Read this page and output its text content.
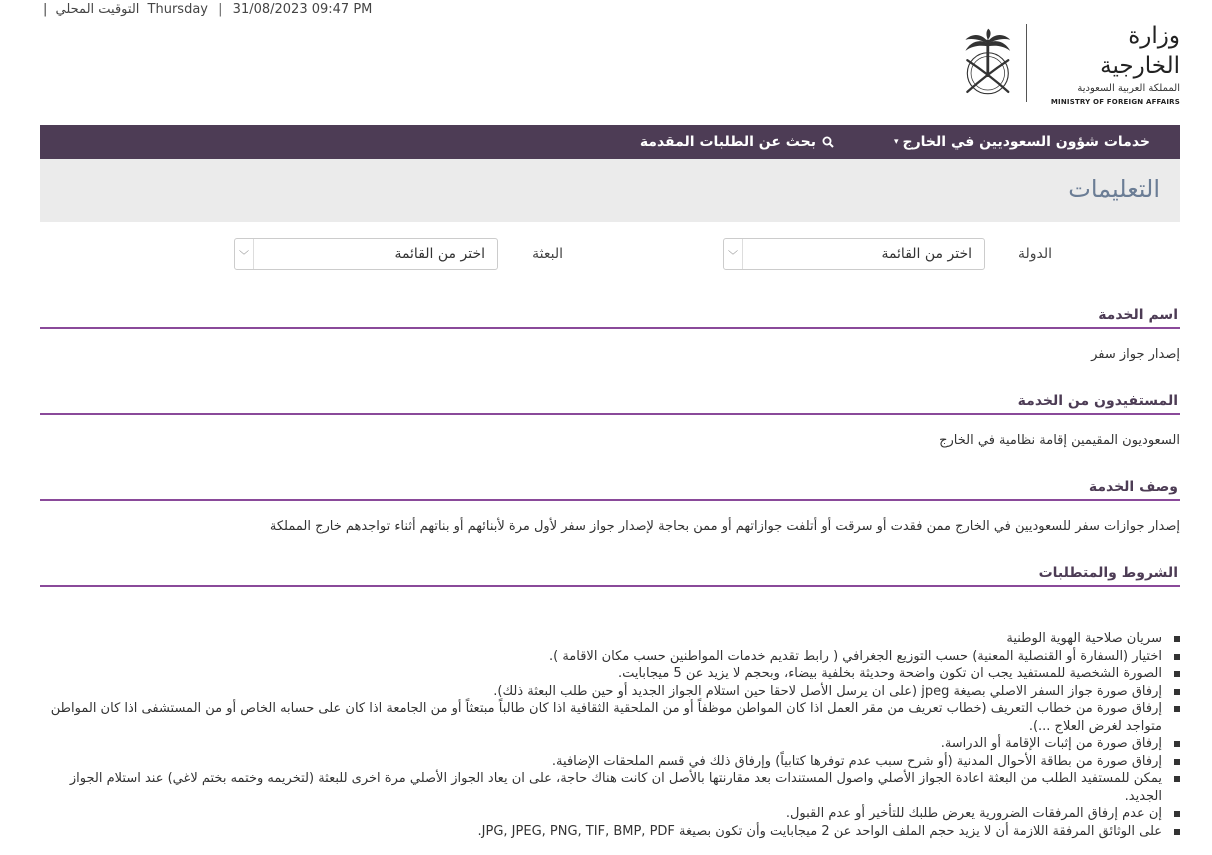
| التوقيت المحلي Thursday | 31/08/2023 09:47 PM
وزارة الخارجية
المملكة العربية السعودية
MINISTRY OF FOREIGN AFFAIRS
خدمات شؤون السعوديين في الخارج
▾
بحث عن الطلبات المقدمة
التعليمات
الدولة
اختر من القائمة
﹀
البعثة
اختر من القائمة
﹀
اسم الخدمة
إصدار جواز سفر
المستفيدون من الخدمة
السعوديون المقيمين إقامة نظامية في الخارج
وصف الخدمة
إصدار جوازات سفر للسعوديين في الخارج ممن فقدت أو سرقت أو أتلفت جوازاتهم أو ممن بحاجة لإصدار جواز سفر لأول مرة لأبنائهم أو بناتهم أثناء تواجدهم خارج المملكة
الشروط والمتطلبات
سريان صلاحية الهوية الوطنية
اختيار (السفارة أو القنصلية المعنية) حسب التوزيع الجغرافي ( رابط تقديم خدمات المواطنين حسب مكان الاقامة ).
الصورة الشخصية للمستفيد يجب ان تكون واضحة وحديثة بخلفية بيضاء، وبحجم لا يزيد عن 5 ميجابايت.
إرفاق صورة جواز السفر الاصلي بصيغة jpeg (على ان يرسل الأصل لاحقا حين استلام الجواز الجديد أو حين طلب البعثة ذلك).
إرفاق صورة من خطاب التعريف (خطاب تعريف من مقر العمل اذا كان المواطن موظفاً أو من الملحقية الثقافية اذا كان طالباً مبتعثاً أو من الجامعة اذا كان على حسابه الخاص أو من المستشفى اذا كان المواطن متواجد لغرض العلاج ...).
إرفاق صورة من إثبات الإقامة أو الدراسة.
إرفاق صورة من بطاقة الأحوال المدنية (أو شرح سبب عدم توفرها كتابياً) وإرفاق ذلك في قسم الملحقات الإضافية.
يمكن للمستفيد الطلب من البعثة اعادة الجواز الأصلي واصول المستندات بعد مقارنتها بالأصل ان كانت هناك حاجة، على ان يعاد الجواز الأصلي مرة اخرى للبعثة (لتخريمه وختمه بختم لاغي) عند استلام الجواز الجديد.
إن عدم إرفاق المرفقات الضرورية يعرض طلبك للتأخير أو عدم القبول.
على الوثائق المرفقة اللازمة أن لا يزيد حجم الملف الواحد عن 2 ميجابايت وأن تكون بصيغة JPG, JPEG, PNG, TIF, BMP, PDF.
